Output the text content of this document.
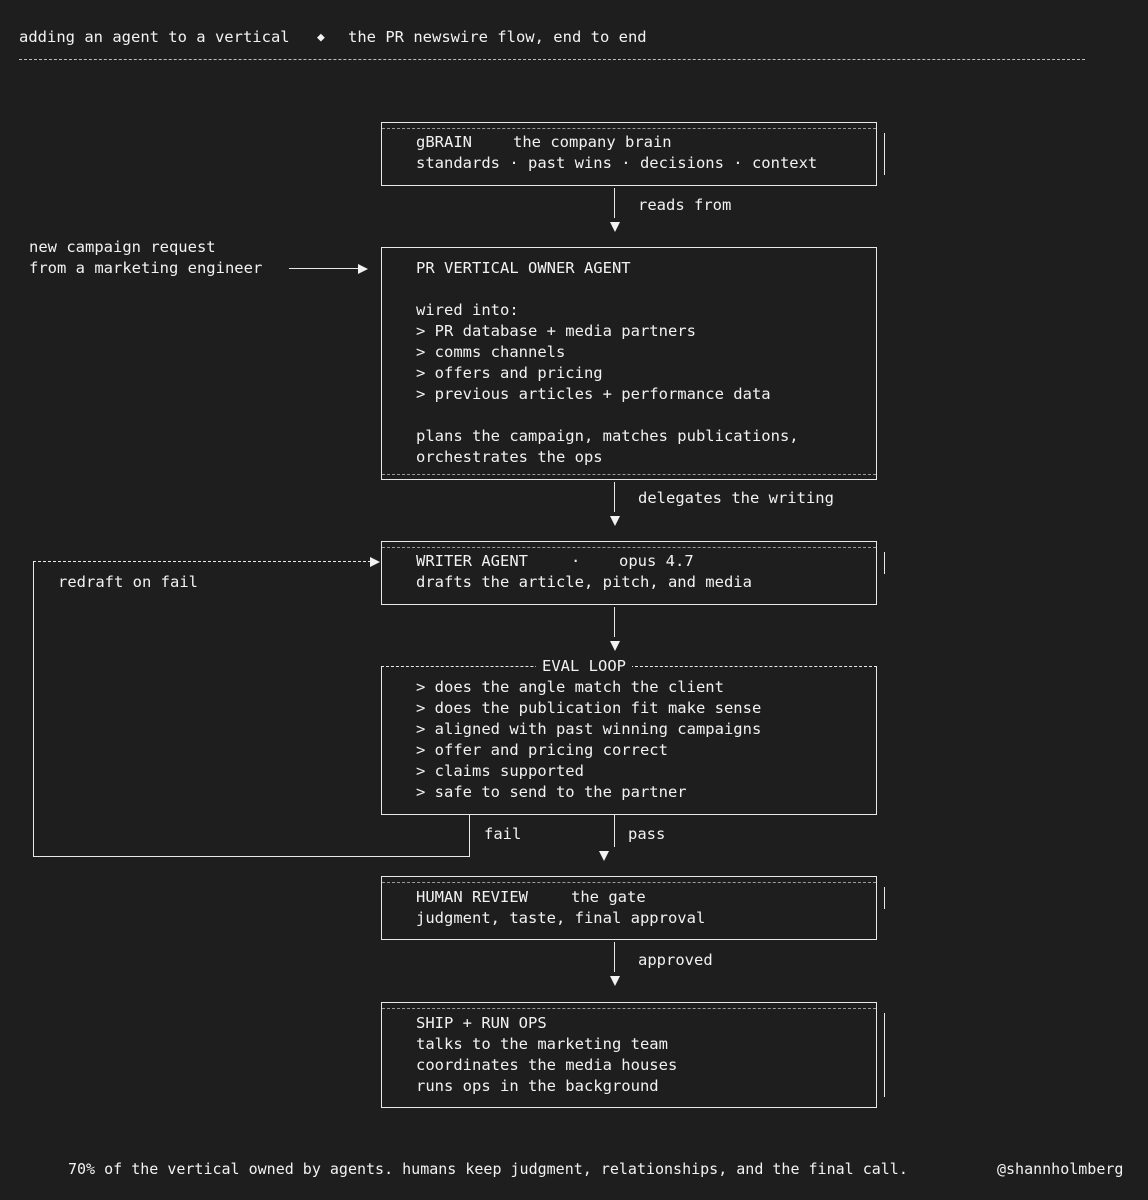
adding an agent to a vertical ◆ the PR newswire flow, end to end
gBRAIN	the company brain
standards · past wins · decisions · context
reads from
new campaign request
from a marketing engineer	PR VERTICAL OWNER AGENT
wired into:
> PR database + media partners
> comms channels
> offers and pricing
> previous articles + performance data
plans the campaign, matches publications,
orchestrates the ops
delegates the writing
WRITER AGENT	· opus 4.7
drafts the article, pitch, and media
EVAL LOOP
> does the angle match the client
> does the publication fit make sense
> aligned with past winning campaigns
> offer and pricing correct
> claims supported
> safe to send to the partner
redraft on fail
fail	pass
HUMAN REVIEW	the gate
judgment, taste, final approval
approved
SHIP + RUN OPS
talks to the marketing team
coordinates the media houses
runs ops in the background
70% of the vertical owned by agents. humans keep judgment, relationships, and the final call.	@shannholmberg
